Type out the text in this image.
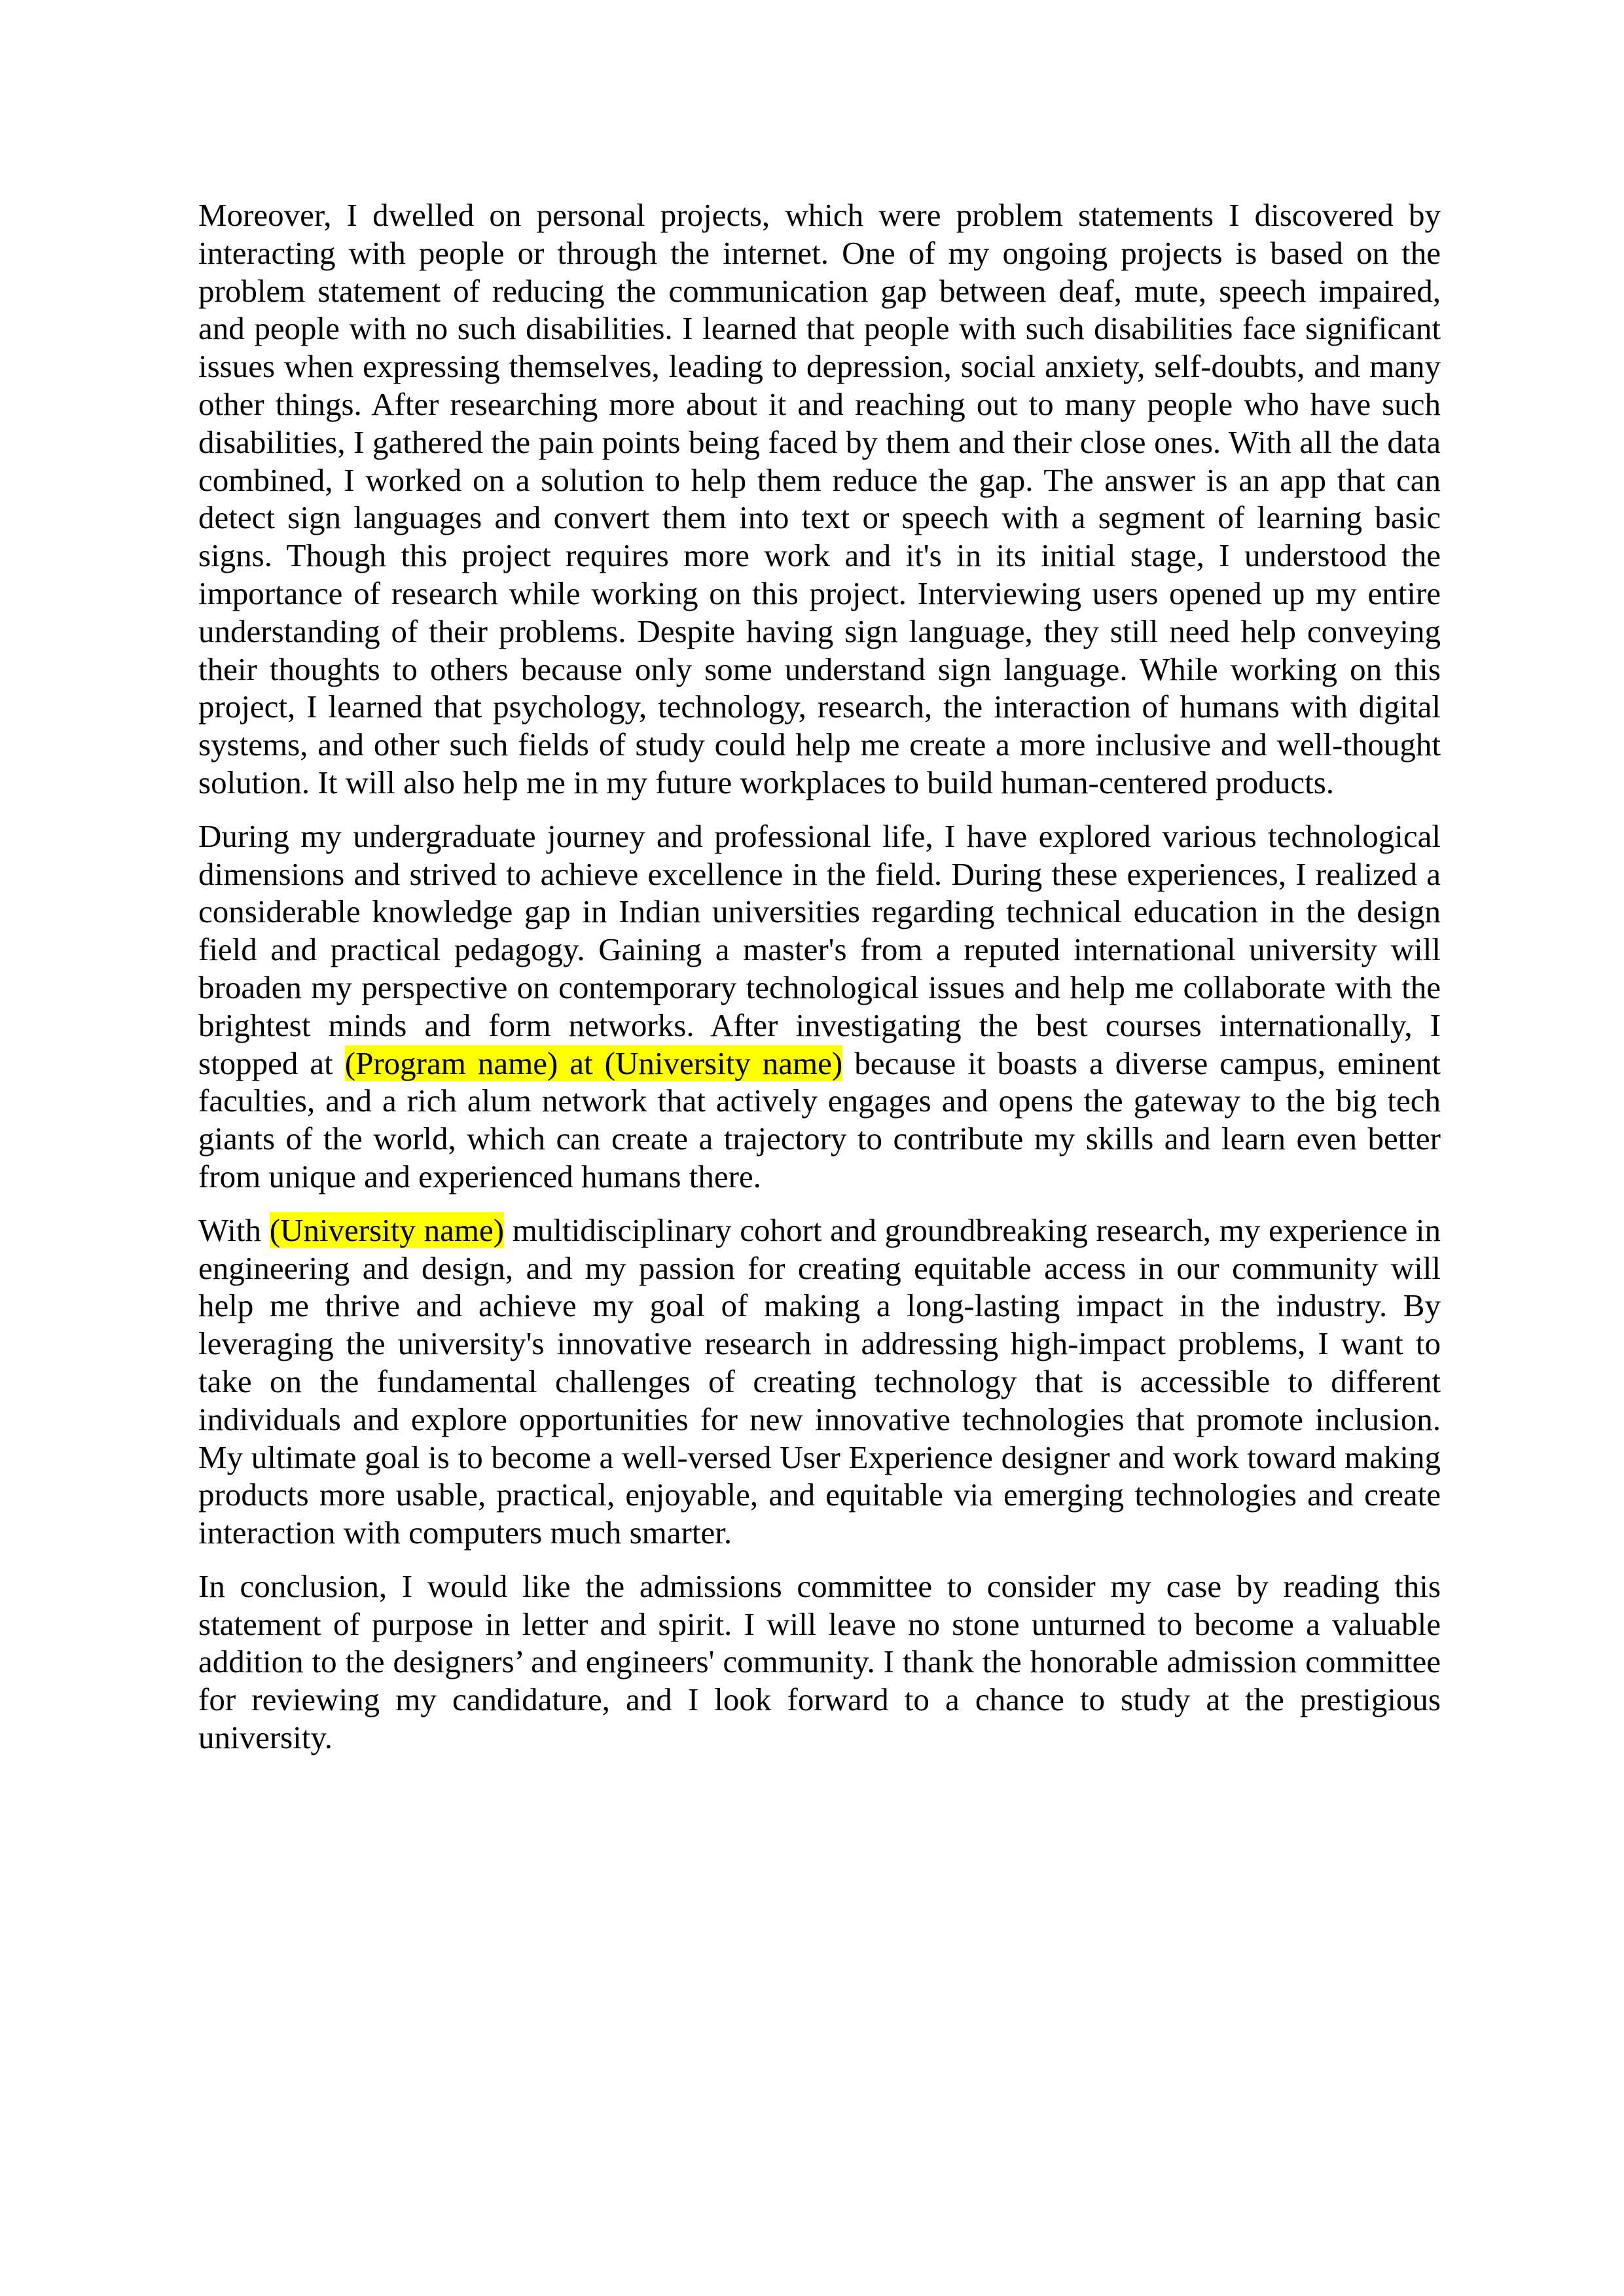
Moreover, I dwelled on personal projects, which were problem statements I discovered by interacting with people or through the internet. One of my ongoing projects is based on the problem statement of reducing the communication gap between deaf, mute, speech impaired, and people with no such disabilities. I learned that people with such disabilities face significant issues when expressing themselves, leading to depression, social anxiety, self-doubts, and many other things. After researching more about it and reaching out to many people who have such disabilities, I gathered the pain points being faced by them and their close ones. With all the data combined, I worked on a solution to help them reduce the gap. The answer is an app that can detect sign languages and convert them into text or speech with a segment of learning basic signs. Though this project requires more work and it's in its initial stage, I understood the importance of research while working on this project. Interviewing users opened up my entire understanding of their problems. Despite having sign language, they still need help conveying their thoughts to others because only some understand sign language. While working on this project, I learned that psychology, technology, research, the interaction of humans with digital systems, and other such fields of study could help me create a more inclusive and well-thought solution. It will also help me in my future workplaces to build human-centered products.

During my undergraduate journey and professional life, I have explored various technological dimensions and strived to achieve excellence in the field. During these experiences, I realized a considerable knowledge gap in Indian universities regarding technical education in the design field and practical pedagogy. Gaining a master's from a reputed international university will broaden my perspective on contemporary technological issues and help me collaborate with the brightest minds and form networks. After investigating the best courses internationally, I stopped at (Program name) at (University name) because it boasts a diverse campus, eminent faculties, and a rich alum network that actively engages and opens the gateway to the big tech giants of the world, which can create a trajectory to contribute my skills and learn even better from unique and experienced humans there.

With (University name) multidisciplinary cohort and groundbreaking research, my experience in engineering and design, and my passion for creating equitable access in our community will help me thrive and achieve my goal of making a long-lasting impact in the industry. By leveraging the university's innovative research in addressing high-impact problems, I want to take on the fundamental challenges of creating technology that is accessible to different individuals and explore opportunities for new innovative technologies that promote inclusion. My ultimate goal is to become a well-versed User Experience designer and work toward making products more usable, practical, enjoyable, and equitable via emerging technologies and create interaction with computers much smarter.

In conclusion, I would like the admissions committee to consider my case by reading this statement of purpose in letter and spirit. I will leave no stone unturned to become a valuable addition to the designers’ and engineers' community. I thank the honorable admission committee for reviewing my candidature, and I look forward to a chance to study at the prestigious university.
